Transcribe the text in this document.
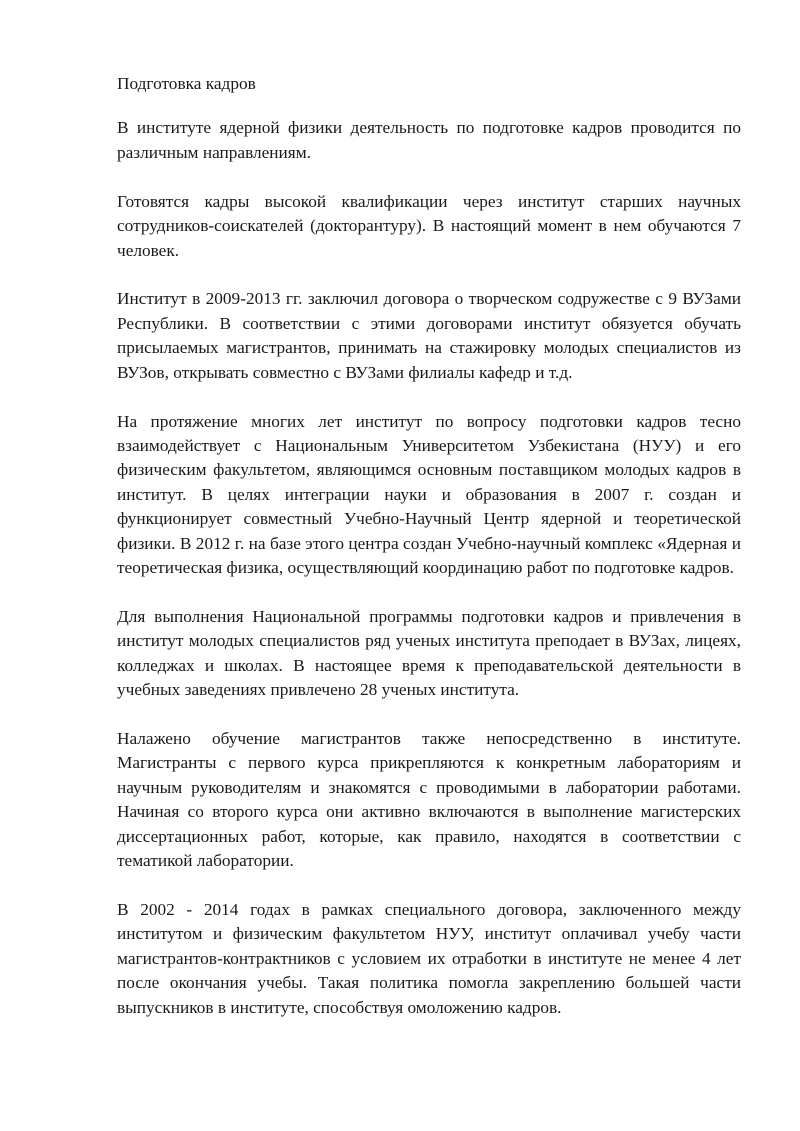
Подготовка кадров

В институте ядерной физики деятельность по подготовке кадров проводится по различным направлениям.

Готовятся кадры высокой квалификации через институт старших научных сотрудников-соискателей (докторантуру). В настоящий момент в нем обучаются 7 человек.

Институт в 2009-2013 гг. заключил договора о творческом содружестве с 9 ВУЗами Республики. В соответствии с этими договорами институт обязуется обучать присылаемых магистрантов, принимать на стажировку молодых специалистов из ВУЗов, открывать совместно с ВУЗами филиалы кафедр и т.д.

На протяжение многих лет институт по вопросу подготовки кадров тесно взаимодействует с Национальным Университетом Узбекистана (НУУ) и его физическим факультетом, являющимся основным поставщиком молодых кадров в институт. В целях интеграции науки и образования в 2007 г. создан и функционирует совместный Учебно-Научный Центр ядерной и теоретической физики. В 2012 г. на базе этого центра создан Учебно-научный комплекс «Ядерная и теоретическая физика, осуществляющий координацию работ по подготовке кадров.

Для выполнения Национальной программы подготовки кадров и привлечения в институт молодых специалистов ряд ученых института преподает в ВУЗах, лицеях, колледжах и школах. В настоящее время к преподавательской деятельности в учебных заведениях привлечено 28 ученых института.

Налажено обучение магистрантов также непосредственно в институте. Магистранты с первого курса прикрепляются к конкретным лабораториям и научным руководителям и знакомятся с проводимыми в лаборатории работами. Начиная со второго курса они активно включаются в выполнение магистерских диссертационных работ, которые, как правило, находятся в соответствии с тематикой лаборатории.

В 2002 - 2014 годах в рамках специального договора, заключенного между институтом и физическим факультетом НУУ, институт оплачивал учебу части магистрантов-контрактников с условием их отработки в институте не менее 4 лет после окончания учебы. Такая политика помогла закреплению большей части выпускников в институте, способствуя омоложению кадров.
